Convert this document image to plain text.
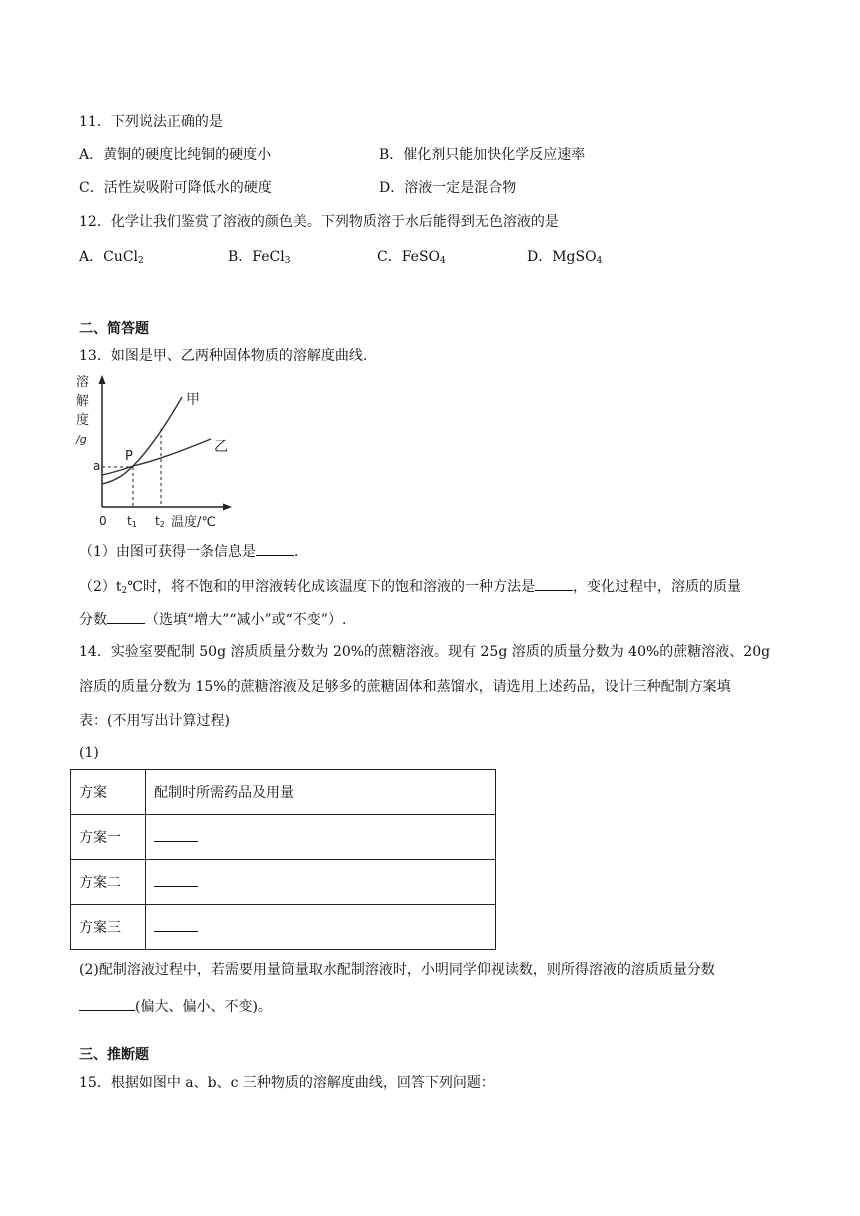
11．下列说法正确的是
A．黄铜的硬度比纯铜的硬度小	B．催化剂只能加快化学反应速率
C．活性炭吸附可降低水的硬度	D．溶液一定是混合物
12．化学让我们鉴赏了溶液的颜色美。下列物质溶于水后能得到无色溶液的是
A．CuCl$_2$	B．FeCl$_3$	C．FeSO$_4$	D．MgSO$_4$
二、简答题
13．如图是甲、乙两种固体物质的溶解度曲线.
溶
解
度
/g
a
P
甲
乙
0 t1 t2 温度/℃
（1）由图可获得一条信息是	.
$(2)t_2℃$时，将不饱和的甲溶液转化成该温度下的饱和溶液的一种方法是	，变化过程中，溶质的质量
分数	（选填“增大”“减小”或“不变”）.
14．实验室要配制 50g 溶质质量分数为 20%的蔗糖溶液。现有 25g 溶质的质量分数为 40%的蔗糖溶液、20g
溶质的质量分数为 15%的蔗糖溶液及足够多的蔗糖固体和蒸馏水，请选用上述药品，设计三种配制方案填
表：(不用写出计算过程)
(1)
方案	配制时所需药品及用量
方案一	
方案二	
方案三	
(2)配制溶液过程中，若需要用量筒量取水配制溶液时，小明同学仰视读数，则所得溶液的溶质质量分数
(偏大、偏小、不变)。
三、推断题
15．根据如图中 a、b、c 三种物质的溶解度曲线，回答下列问题：
